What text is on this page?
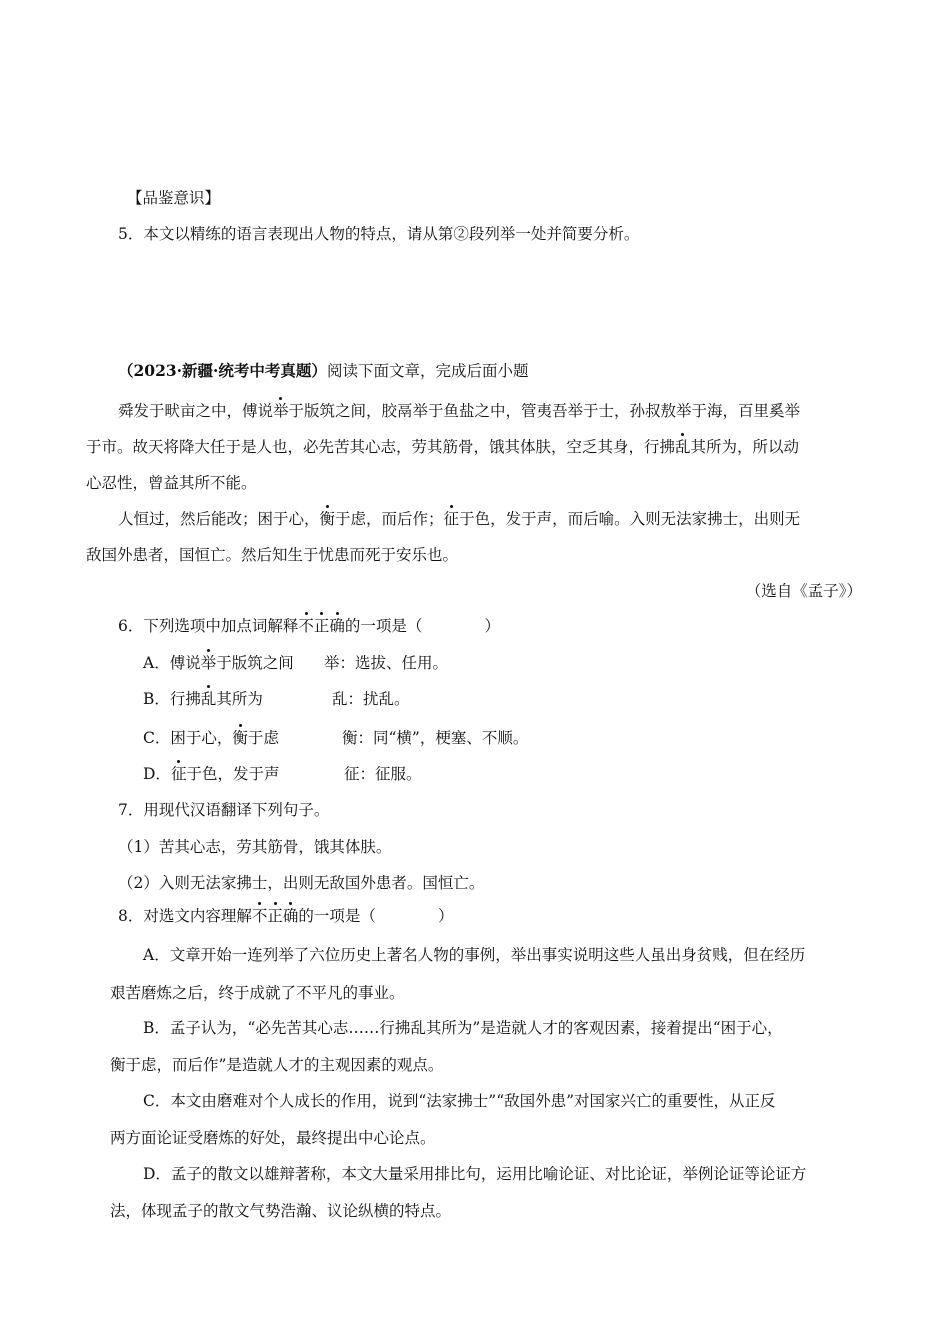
【品鉴意识】
5．本文以精练的语言表现出人物的特点，请从第②段列举一处并简要分析。
（2023·新疆·统考中考真题）阅读下面文章，完成后面小题
舜发于畎亩之中，傅说举于版筑之间，胶鬲举于鱼盐之中，管夷吾举于士，孙叔敖举于海，百里奚举
于市。故天将降大任于是人也，必先苦其心志，劳其筋骨，饿其体肤，空乏其身，行拂乱其所为，所以动
心忍性，曾益其所不能。
人恒过，然后能改；困于心，衡于虑，而后作；征于色，发于声，而后喻。入则无法家拂士，出则无
敌国外患者，国恒亡。然后知生于忧患而死于安乐也。
（选自《孟子》）
6．下列选项中加点词解释不正确的一项是（	）
A．傅说举于版筑之间 举：选拔、任用。
B．行拂乱其所为	乱：扰乱。
C．困于心，衡于虑	衡：同“横”，梗塞、不顺。
D．征于色，发于声	征：征服。
7．用现代汉语翻译下列句子。
（1）苦其心志，劳其筋骨，饿其体肤。
（2）入则无法家拂士，出则无敌国外患者。国恒亡。
8．对选文内容理解不正确的一项是（	）
A．文章开始一连列举了六位历史上著名人物的事例，举出事实说明这些人虽出身贫贱，但在经历
艰苦磨炼之后，终于成就了不平凡的事业。
B．孟子认为，“必先苦其心志……行拂乱其所为”是造就人才的客观因素，接着提出“困于心，
衡于虑，而后作”是造就人才的主观因素的观点。
C．本文由磨难对个人成长的作用，说到“法家拂士”“敌国外患”对国家兴亡的重要性，从正反
两方面论证受磨炼的好处，最终提出中心论点。
D．孟子的散文以雄辩著称，本文大量采用排比句，运用比喻论证、对比论证，举例论证等论证方
法，体现孟子的散文气势浩瀚、议论纵横的特点。
